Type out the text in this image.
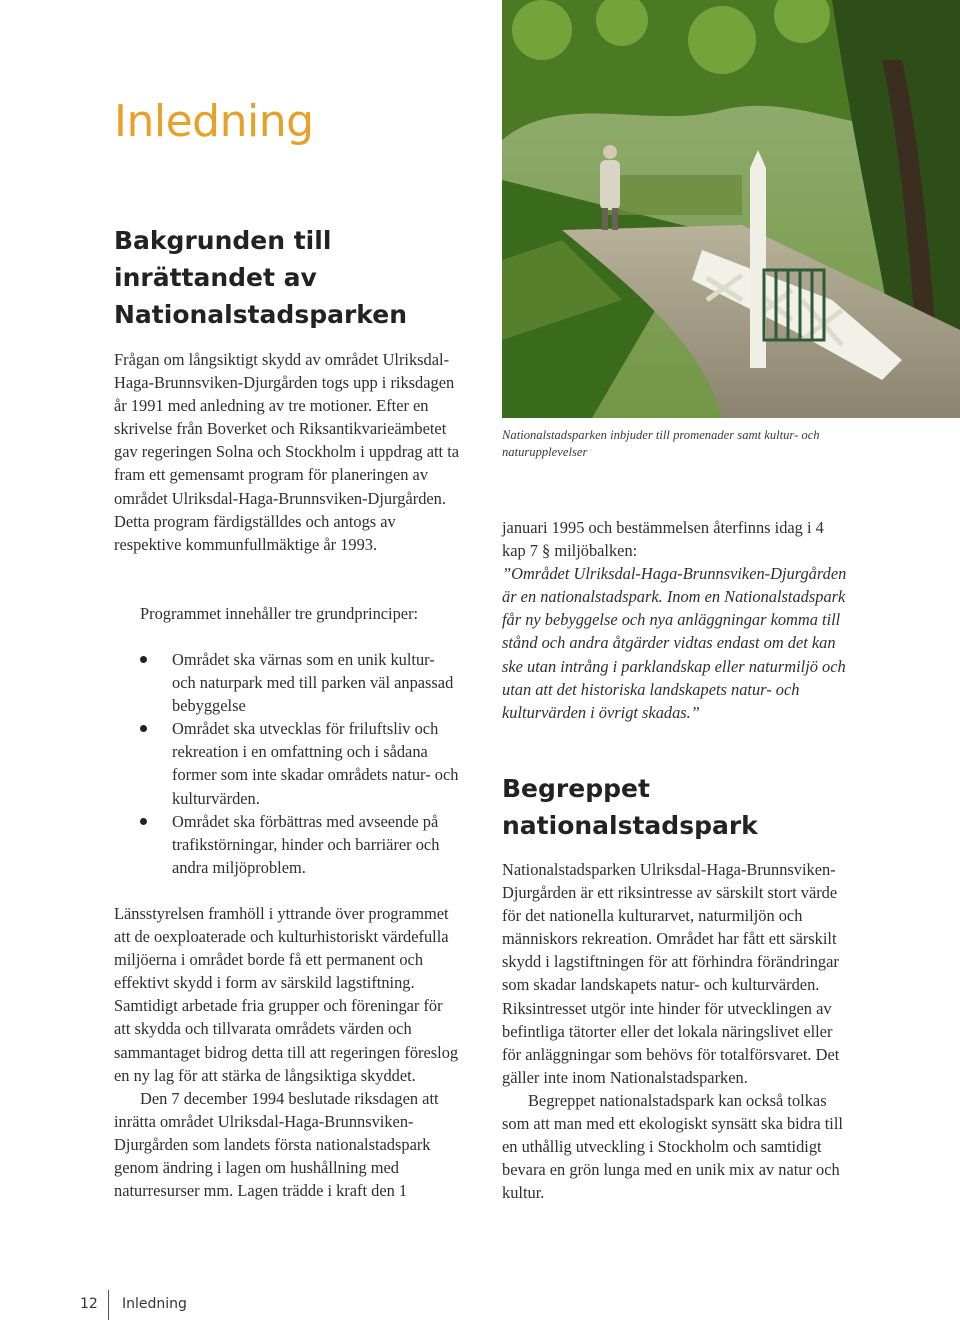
Inledning
Bakgrunden till inrättandet av Nationalstadsparken

Frågan om långsiktigt skydd av området Ulriksdal-Haga-Brunnsviken-Djurgården togs upp i riksdagen år 1991 med anledning av tre motioner. Efter en skrivelse från Boverket och Riksantikvarieämbetet gav regeringen Solna och Stockholm i uppdrag att ta fram ett gemensamt program för planeringen av området Ulriksdal-Haga-Brunnsviken-Djurgården. Detta program färdigställdes och antogs av respektive kommunfullmäktige år 1993.

Programmet innehåller tre grundprinciper:
Området ska värnas som en unik kultur- och naturpark med till parken väl anpassad bebyggelse
Området ska utvecklas för friluftsliv och rekreation i en omfattning och i sådana former som inte skadar områdets natur- och kulturvärden.
Området ska förbättras med avseende på trafikstörningar, hinder och barriärer och andra miljöproblem.

Länsstyrelsen framhöll i yttrande över programmet att de oexploaterade och kulturhistoriskt värdefulla miljöerna i området borde få ett permanent och effektivt skydd i form av särskild lagstiftning. Samtidigt arbetade fria grupper och föreningar för att skydda och tillvarata områdets värden och sammantaget bidrog detta till att regeringen föreslog en ny lag för att stärka de långsiktiga skyddet.

Den 7 december 1994 beslutade riksdagen att inrätta området Ulriksdal-Haga-Brunnsviken-Djurgården som landets första nationalstadspark genom ändring i lagen om hushållning med naturresurser mm. Lagen trädde i kraft den 1

Nationalstadsparken inbjuder till promenader samt kultur- och naturupplevelser

januari 1995 och bestämmelsen återfinns idag i 4 kap 7 § miljöbalken:

”Området Ulriksdal-Haga-Brunnsviken-Djurgården är en nationalstadspark. Inom en Nationalstadspark får ny bebyggelse och nya anläggningar komma till stånd och andra åtgärder vidtas endast om det kan ske utan intrång i parklandskap eller naturmiljö och utan att det historiska landskapets natur- och kulturvärden i övrigt skadas.”

Begreppet nationalstadspark

Nationalstadsparken Ulriksdal-Haga-Brunnsviken-Djurgården är ett riksintresse av särskilt stort värde för det nationella kulturarvet, naturmiljön och människors rekreation. Området har fått ett särskilt skydd i lagstiftningen för att förhindra förändringar som skadar landskapets natur- och kulturvärden. Riksintresset utgör inte hinder för utvecklingen av befintliga tätorter eller det lokala näringslivet eller för anläggningar som behövs för totalförsvaret. Det gäller inte inom Nationalstadsparken.

Begreppet nationalstadspark kan också tolkas som att man med ett ekologiskt synsätt ska bidra till en uthållig utveckling i Stockholm och samtidigt bevara en grön lunga med en unik mix av natur och kultur.

12 Inledning
